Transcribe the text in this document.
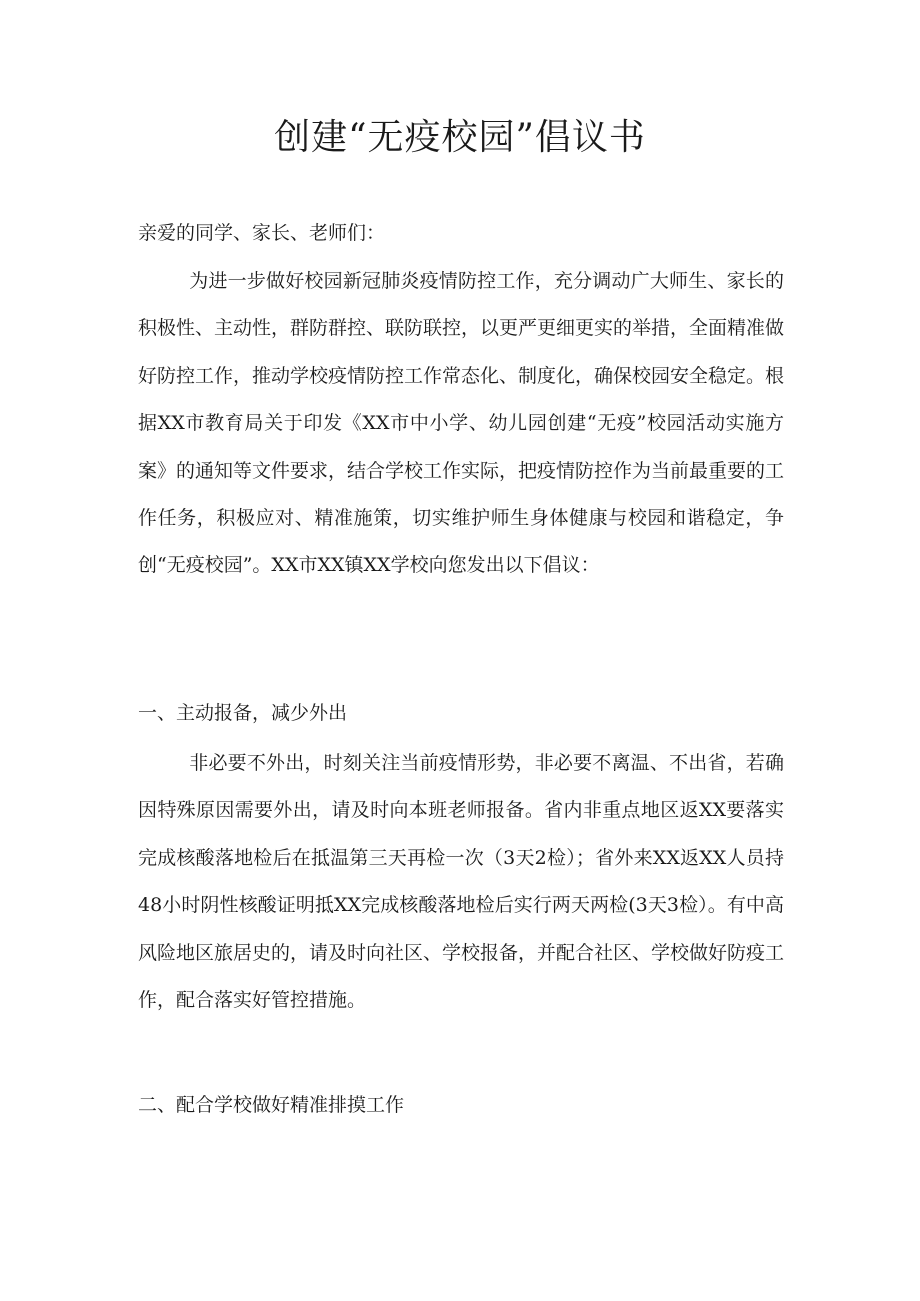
创建“无疫校园”倡议书
亲爱的同学、家长、老师们：
为进一步做好校园新冠肺炎疫情防控工作，充分调动广大师生、家长的积极性、主动性，群防群控、联防联控，以更严更细更实的举措，全面精准做好防控工作，推动学校疫情防控工作常态化、制度化，确保校园安全稳定。根据XX市教育局关于印发《XX市中小学、幼儿园创建“无疫”校园活动实施方案》的通知等文件要求，结合学校工作实际，把疫情防控作为当前最重要的工作任务，积极应对、精准施策，切实维护师生身体健康与校园和谐稳定，争创“无疫校园”。XX市XX镇XX学校向您发出以下倡议：
一、主动报备，减少外出
非必要不外出，时刻关注当前疫情形势，非必要不离温、不出省，若确因特殊原因需要外出，请及时向本班老师报备。省内非重点地区返XX要落实完成核酸落地检后在抵温第三天再检一次（3天2检）；省外来XX返XX人员持48小时阴性核酸证明抵XX完成核酸落地检后实行两天两检(3天3检）。有中高风险地区旅居史的，请及时向社区、学校报备，并配合社区、学校做好防疫工作，配合落实好管控措施。
二、配合学校做好精准排摸工作
